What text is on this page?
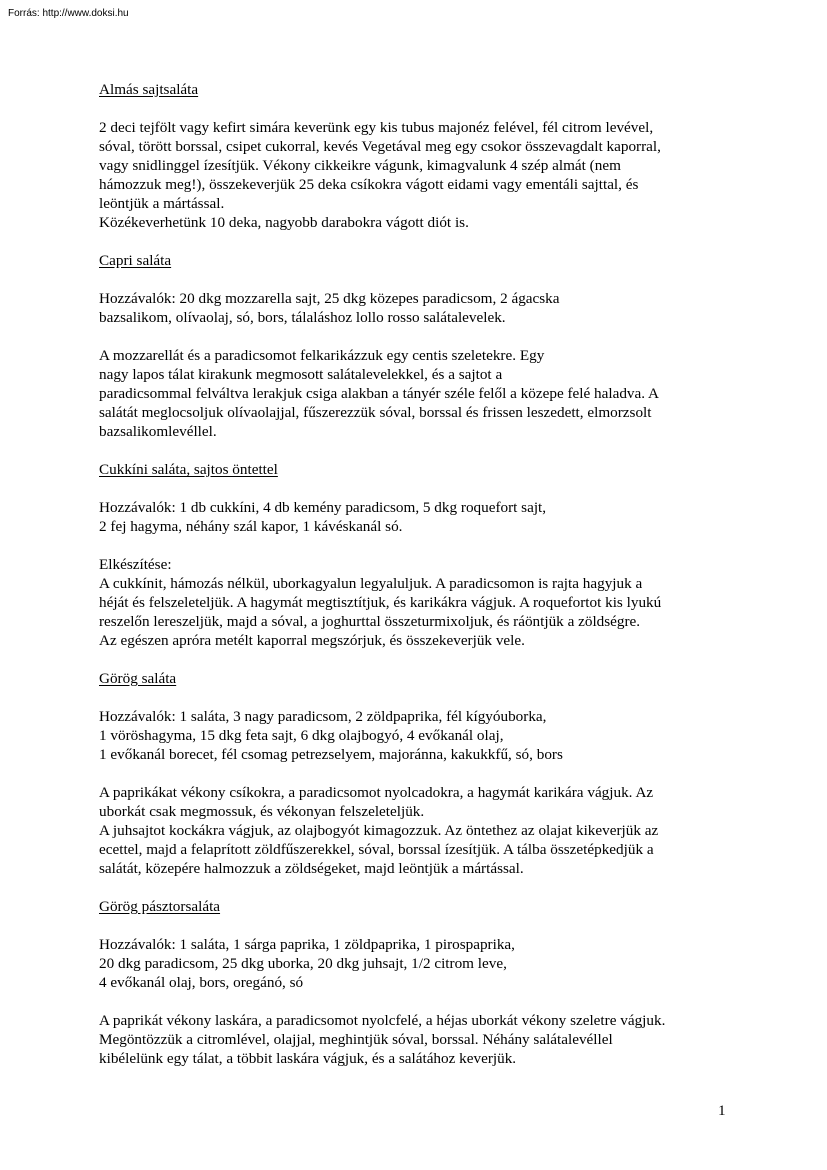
Forrás: http://www.doksi.hu

Almás sajtsaláta

2 deci tejfölt vagy kefirt simára keverünk egy kis tubus majonéz felével, fél citrom levével,
sóval, törött borssal, csipet cukorral, kevés Vegetával meg egy csokor összevagdalt kaporral,
vagy snidlinggel ízesítjük. Vékony cikkeikre vágunk, kimagvalunk 4 szép almát (nem
hámozzuk meg!), összekeverjük 25 deka csíkokra vágott eidami vagy ementáli sajttal, és
leöntjük a mártással.
Közékeverhetünk 10 deka, nagyobb darabokra vágott diót is.

Capri saláta

Hozzávalók: 20 dkg mozzarella sajt, 25 dkg közepes paradicsom, 2 ágacska
bazsalikom, olívaolaj, só, bors, tálaláshoz lollo rosso salátalevelek.

A mozzarellát és a paradicsomot felkarikázzuk egy centis szeletekre. Egy
nagy lapos tálat kirakunk megmosott salátalevelekkel, és a sajtot a
paradicsommal felváltva lerakjuk csiga alakban a tányér széle felől a közepe felé haladva. A
salátát meglocsoljuk olívaolajjal, fűszerezzük sóval, borssal és frissen leszedett, elmorzsolt
bazsalikomlevéllel.

Cukkíni saláta, sajtos öntettel

Hozzávalók: 1 db cukkíni, 4 db kemény paradicsom, 5 dkg roquefort sajt,
2 fej hagyma, néhány szál kapor, 1 kávéskanál só.

Elkészítése:
A cukkínit, hámozás nélkül, uborkagyalun legyaluljuk. A paradicsomon is rajta hagyjuk a
héját és felszeleteljük. A hagymát megtisztítjuk, és karikákra vágjuk. A roquefortot kis lyukú
reszelőn lereszeljük, majd a sóval, a joghurttal összeturmixoljuk, és ráöntjük a zöldségre.
Az egészen apróra metélt kaporral megszórjuk, és összekeverjük vele.

Görög saláta

Hozzávalók: 1 saláta, 3 nagy paradicsom, 2 zöldpaprika, fél kígyóuborka,
1 vöröshagyma, 15 dkg feta sajt, 6 dkg olajbogyó, 4 evőkanál olaj,
1 evőkanál borecet, fél csomag petrezselyem, majoránna, kakukkfű, só, bors

A paprikákat vékony csíkokra, a paradicsomot nyolcadokra, a hagymát karikára vágjuk. Az
uborkát csak megmossuk, és vékonyan felszeleteljük.
A juhsajtot kockákra vágjuk, az olajbogyót kimagozzuk. Az öntethez az olajat kikeverjük az
ecettel, majd a felaprított zöldfűszerekkel, sóval, borssal ízesítjük. A tálba összetépkedjük a
salátát, közepére halmozzuk a zöldségeket, majd leöntjük a mártással.

Görög pásztorsaláta

Hozzávalók: 1 saláta, 1 sárga paprika, 1 zöldpaprika, 1 pirospaprika,
20 dkg paradicsom, 25 dkg uborka, 20 dkg juhsajt, 1/2 citrom leve,
4 evőkanál olaj, bors, oregánó, só

A paprikát vékony laskára, a paradicsomot nyolcfelé, a héjas uborkát vékony szeletre vágjuk.
Megöntözzük a citromlével, olajjal, meghintjük sóval, borssal. Néhány salátalevéllel
kibélelünk egy tálat, a többit laskára vágjuk, és a salátához keverjük.

1
